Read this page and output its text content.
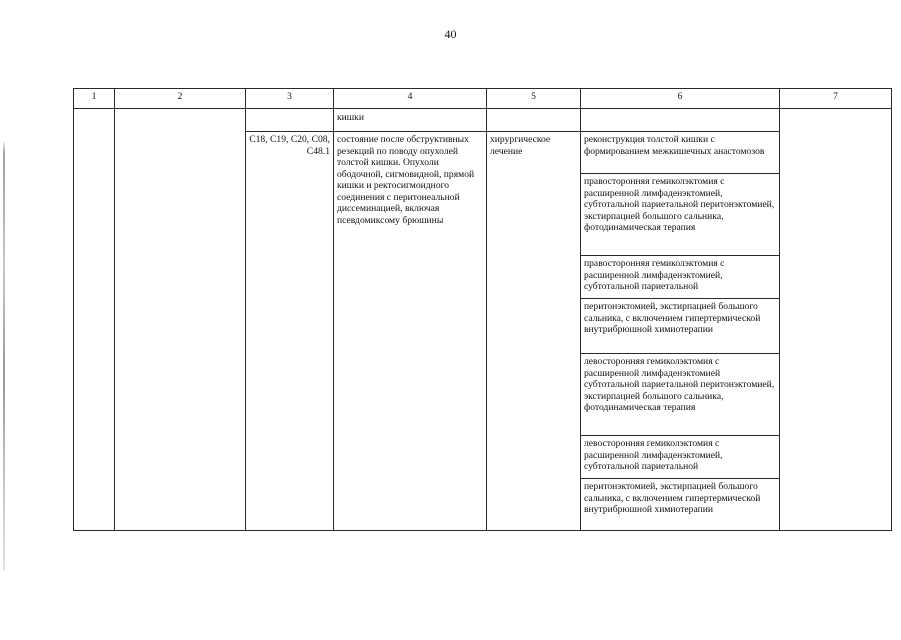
40
1	2	3	4	5	6	7
			кишки			
		C18, C19, C20, C08, C48.1	состояние после обструктивных резекций по поводу опухолей толстой кишки. Опухоли ободочной, сигмовидной, прямой кишки и ректосигмоидного соединения с перитонеальной диссеминацией, включая псевдомиксому брюшины	хирургическое лечение	реконструкция толстой кишки с формированием межкишечных анастомозов	
					правосторонняя гемиколэктомия с расширенной лимфаденэктомией, субтотальной париетальной перитонэктомией, экстирпацией большого сальника, фотодинамическая терапия	
					правосторонняя гемиколэктомия с расширенной лимфаденэктомией, субтотальной париетальной	
					перитонэктомией, экстирпацией большого сальника, с включением гипертермической внутрибрюшной химиотерапии	
					левосторонняя гемиколэктомия с расширенной лимфаденэктомией субтотальной париетальной перитонэктомией, экстирпацией большого сальника, фотодинамическая терапия	
					левосторонняя гемиколэктомия с расширенной лимфаденэктомией, субтотальной париетальной	
					перитонэктомией, экстирпацией большого сальника, с включением гипертермической внутрибрюшной химиотерапии	
